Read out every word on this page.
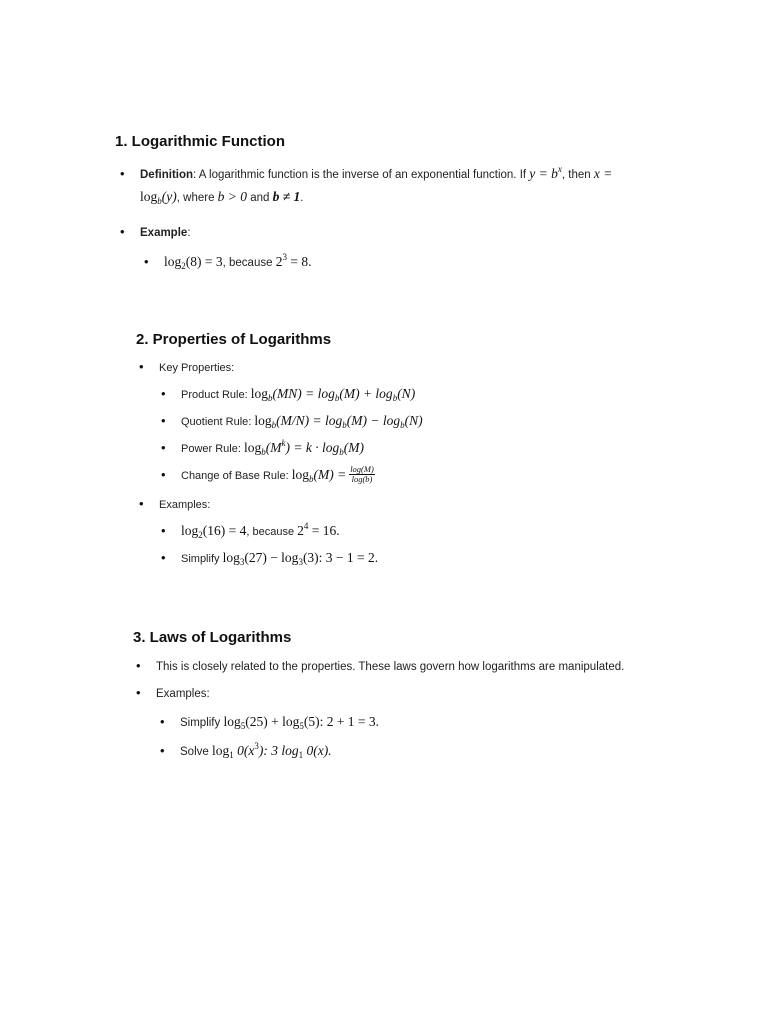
1. Logarithmic Function
• Definition: A logarithmic function is the inverse of an exponential function. If $y = b^x$, then x =
$\log_b(y)$, where b > 0 and b ≠ 1.
• Example:
• $\log_2(8) = 3$, because $2^3 = 8$.
2. Properties of Logarithms
• Key Properties:
• Product Rule: $\log_b(MN) = \log_b(M) + \log_b(N)$
• Quotient Rule: $\log_b(M/N) = \log_b(M) - \log_b(N)$
• Power Rule: $\log_b(M^k) = k \cdot \log_b(M)$
• Change of Base Rule: $\log_b(M) = \frac{\log(M)}{\log(b)}$
• Examples:
• $\log_2(16) = 4$, because $2^4 = 16$.
• Simplify $\log_3(27) - \log_3(3)$: 3 − 1 = 2.
3. Laws of Logarithms
• This is closely related to the properties. These laws govern how logarithms are manipulated.
• Examples:
• Simplify $\log_5(25) + \log_5(5)$: 2 + 1 = 3.
• Solve $\log_1 0(x^3)$: 3 $\log_1 0(x)$.
